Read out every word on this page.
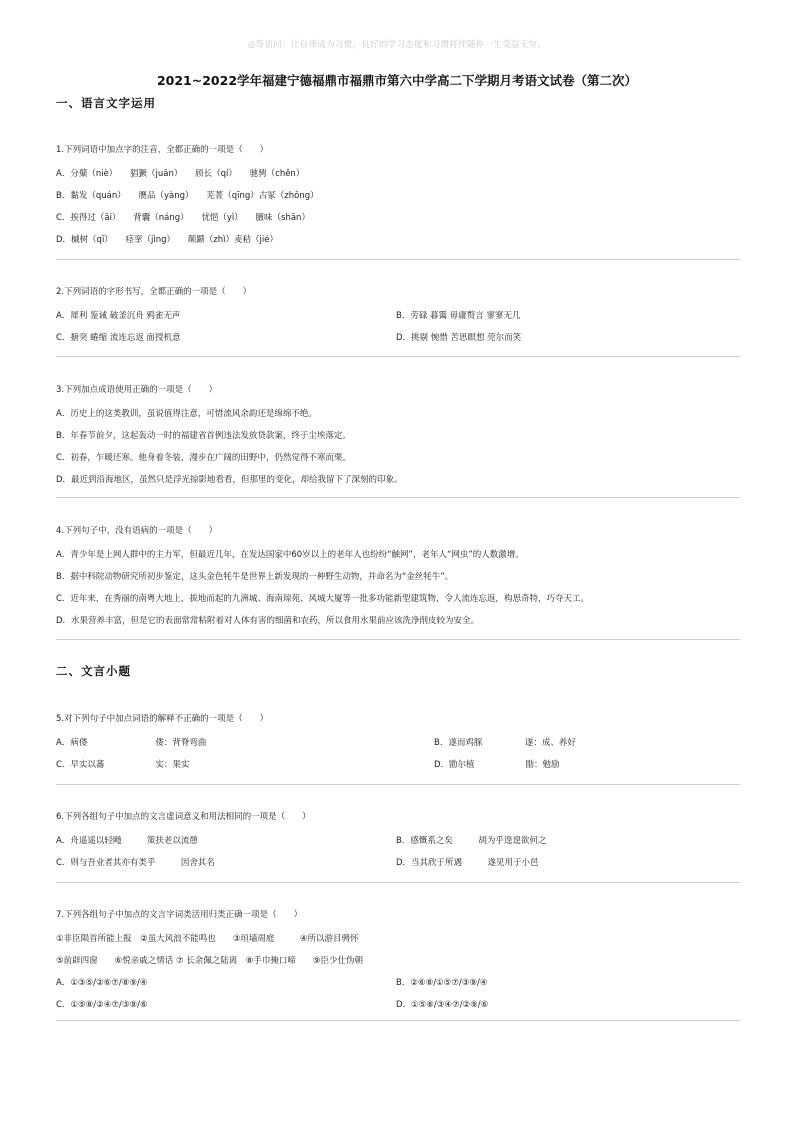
◎等语问：让自律成为习惯，良好的学习态度和习惯将伴随你一生受益无穷。
2021~2022学年福建宁德福鼎市福鼎市第六中学高二下学期月考语文试卷（第二次）
一、语言文字运用
1.下列词语中加点字的注音，全都正确的一项是（　　）
A．分蘖（niè）　　猖獗（juān）　　颀长（qí）　　驰骋（chěn）
B．黏发（quán）　　赝品（yàng）　　芜菁（qīng）古冢（zhǒng）
C．挨得过（āi）　　背囊（náng）　　忧悒（yì）　　膻味（shān）
D．槭树（qī）　　痉挛（jìng）　　颠踬（zhì）麦秸（jié）
2.下列词语的字形书写，全都正确的一项是（　　）
A．犀利 鉴诫 破釜沉舟 鸦雀无声	B．劳碌 暮霭 毋庸赘言 寥寥无几
C．搪突 蜷缩 流连忘返 面授机意	D．挑剔 惋惜 苦思瞑想 莞尔而笑
3.下列加点成语使用正确的一项是（　　）
A．历史上的这类教训，虽说值得注意，可惜流风余韵还是绵绵不绝。
B．年春节前夕，这起轰动一时的福建省首例违法发放贷款案，终于尘埃落定。
C．初春，乍暖还寒。他身着冬装，漫步在广阔的田野中，仍然觉得不寒而栗。
D．最近到沿海地区，虽然只是浮光掠影地看看，但那里的变化，却给我留下了深刻的印象。
4.下列句子中，没有语病的一项是（　　）
A．青少年是上网人群中的主力军，但最近几年，在发达国家中60岁以上的老年人也纷纷“触网”，老年人“网虫”的人数激增。
B．据中科院动物研究所初步鉴定，这头金色牦牛是世界上新发现的一种野生动物，并命名为“金丝牦牛”。
C．近年来，在秀丽的南粤大地上，拔地而起的九洲城、海南琼苑、风城大厦等一批多功能新型建筑物，令人流连忘返，构思奇特，巧夺天工。
D．水果营养丰富，但是它的表面常常粘附着对人体有害的细菌和农药，所以食用水果前应该洗净削皮较为安全。
二、文言小题
5.对下列句子中加点词语的解释不正确的一项是（　　）
A．病偻　　　　　　　　偻：背脊弯曲	B．遂而鸡豚　　　　　遂：成、养好
C．早实以蕃　　　　　　实：果实	D．勖尔植　　　　　　勖：勉励
6.下列各组句子中加点的文言虚词意义和用法相同的一项是（　　）
A．舟遥遥以轻飏　　　策扶老以流憩	B．感慨系之矣　　　胡为乎遑遑欲何之
C．则与吾业者其亦有类乎　　　因舍其名	D．当其欣于所遇　　　遂见用于小邑
7.下列各组句子中加点的文言字词类活用归类正确一项是（　　）
①非臣陨首所能上报　②虽大风浪不能鸣也　　③垣墙周庭　　　④所以游目骋怀
⑤前辟四窗　　⑥悦亲戚之情话 ⑦ 长余佩之陆离　⑧手巾掩口啼　　⑨臣少仕伪朝
A．①③⑤/②⑥⑦/⑧⑨/④	B．②⑥⑧/①⑤⑦/③⑨/④
C．①⑤⑧/②④⑦/③⑨/⑥	D．①⑤⑧/③④⑦/②⑨/⑥
